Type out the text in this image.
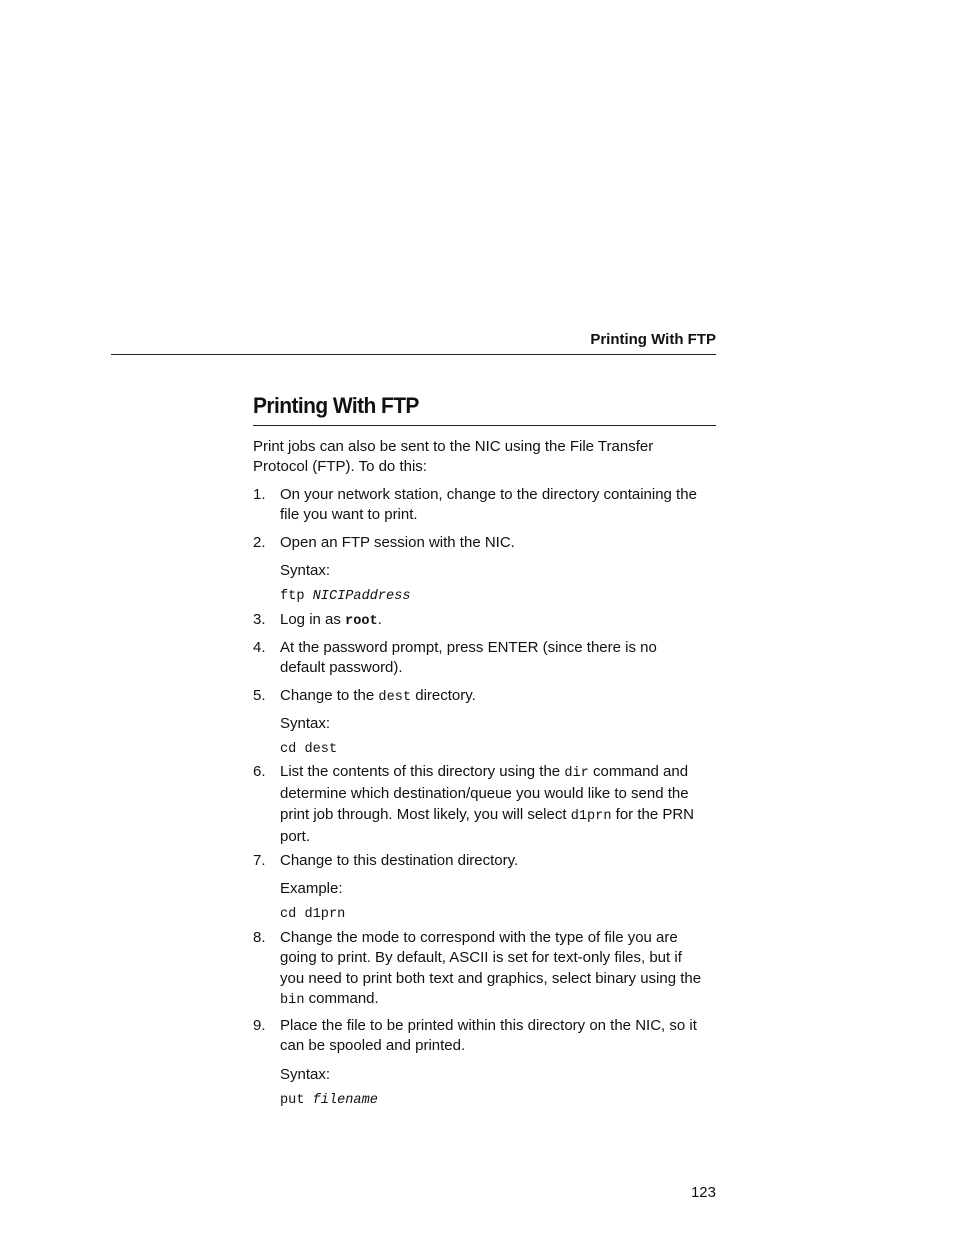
Printing With FTP
Printing With FTP
Print jobs can also be sent to the NIC using the File Transfer
Protocol (FTP). To do this:
1. On your network station, change to the directory containing the
file you want to print.
2. Open an FTP session with the NIC.
Syntax:
ftp NICIPaddress
3. Log in as root.
4. At the password prompt, press ENTER (since there is no
default password).
5. Change to the dest directory.
Syntax:
cd dest
6. List the contents of this directory using the dir command and
determine which destination/queue you would like to send the
print job through. Most likely, you will select d1prn for the PRN
port.
7. Change to this destination directory.
Example:
cd d1prn
8. Change the mode to correspond with the type of file you are
going to print. By default, ASCII is set for text-only files, but if
you need to print both text and graphics, select binary using the
bin command.
9. Place the file to be printed within this directory on the NIC, so it
can be spooled and printed.
Syntax:
put filename
123
